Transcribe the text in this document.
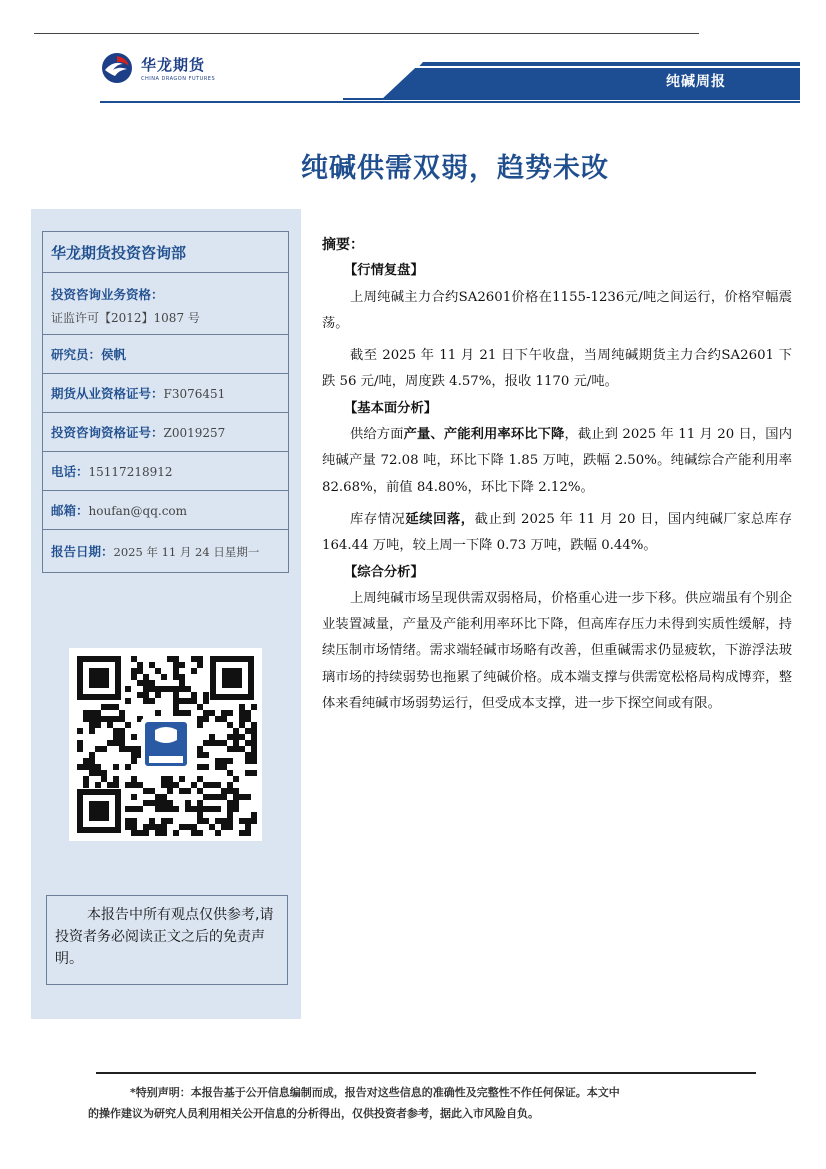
华龙期货
CHINA DRAGON FUTURES	纯碱周报
纯碱供需双弱，趋势未改
华龙期货投资咨询部
投资咨询业务资格：
证监许可【2012】1087 号
研究员：侯帆
期货从业资格证号：F3076451
投资咨询资格证号：Z0019257
电话：15117218912
邮箱：houfan@qq.com
报告日期：2025 年 11 月 24 日星期一
本报告中所有观点仅供参考,请投资者务必阅读正文之后的免责声明。
摘要：
【行情复盘】

上周纯碱主力合约SA2601价格在1155-1236元/吨之间运行，价格窄幅震荡。

截至 2025 年 11 月 21 日下午收盘，当周纯碱期货主力合约SA2601 下跌 56 元/吨，周度跌 4.57%，报收 1170 元/吨。

【基本面分析】

供给方面产量、产能利用率环比下降，截止到 2025 年 11 月 20 日，国内纯碱产量 72.08 吨，环比下降 1.85 万吨，跌幅 2.50%。纯碱综合产能利用率 82.68%，前值 84.80%，环比下降 2.12%。

库存情况延续回落，截止到 2025 年 11 月 20 日，国内纯碱厂家总库存 164.44 万吨，较上周一下降 0.73 万吨，跌幅 0.44%。

【综合分析】

上周纯碱市场呈现供需双弱格局，价格重心进一步下移。供应端虽有个别企业装置减量，产量及产能利用率环比下降，但高库存压力未得到实质性缓解，持续压制市场情绪。需求端轻碱市场略有改善，但重碱需求仍显疲软，下游浮法玻璃市场的持续弱势也拖累了纯碱价格。成本端支撑与供需宽松格局构成博弈，整体来看纯碱市场弱势运行，但受成本支撑，进一步下探空间或有限。

*特别声明：本报告基于公开信息编制而成，报告对这些信息的准确性及完整性不作任何保证。本文中
的操作建议为研究人员利用相关公开信息的分析得出，仅供投资者参考，据此入市风险自负。
